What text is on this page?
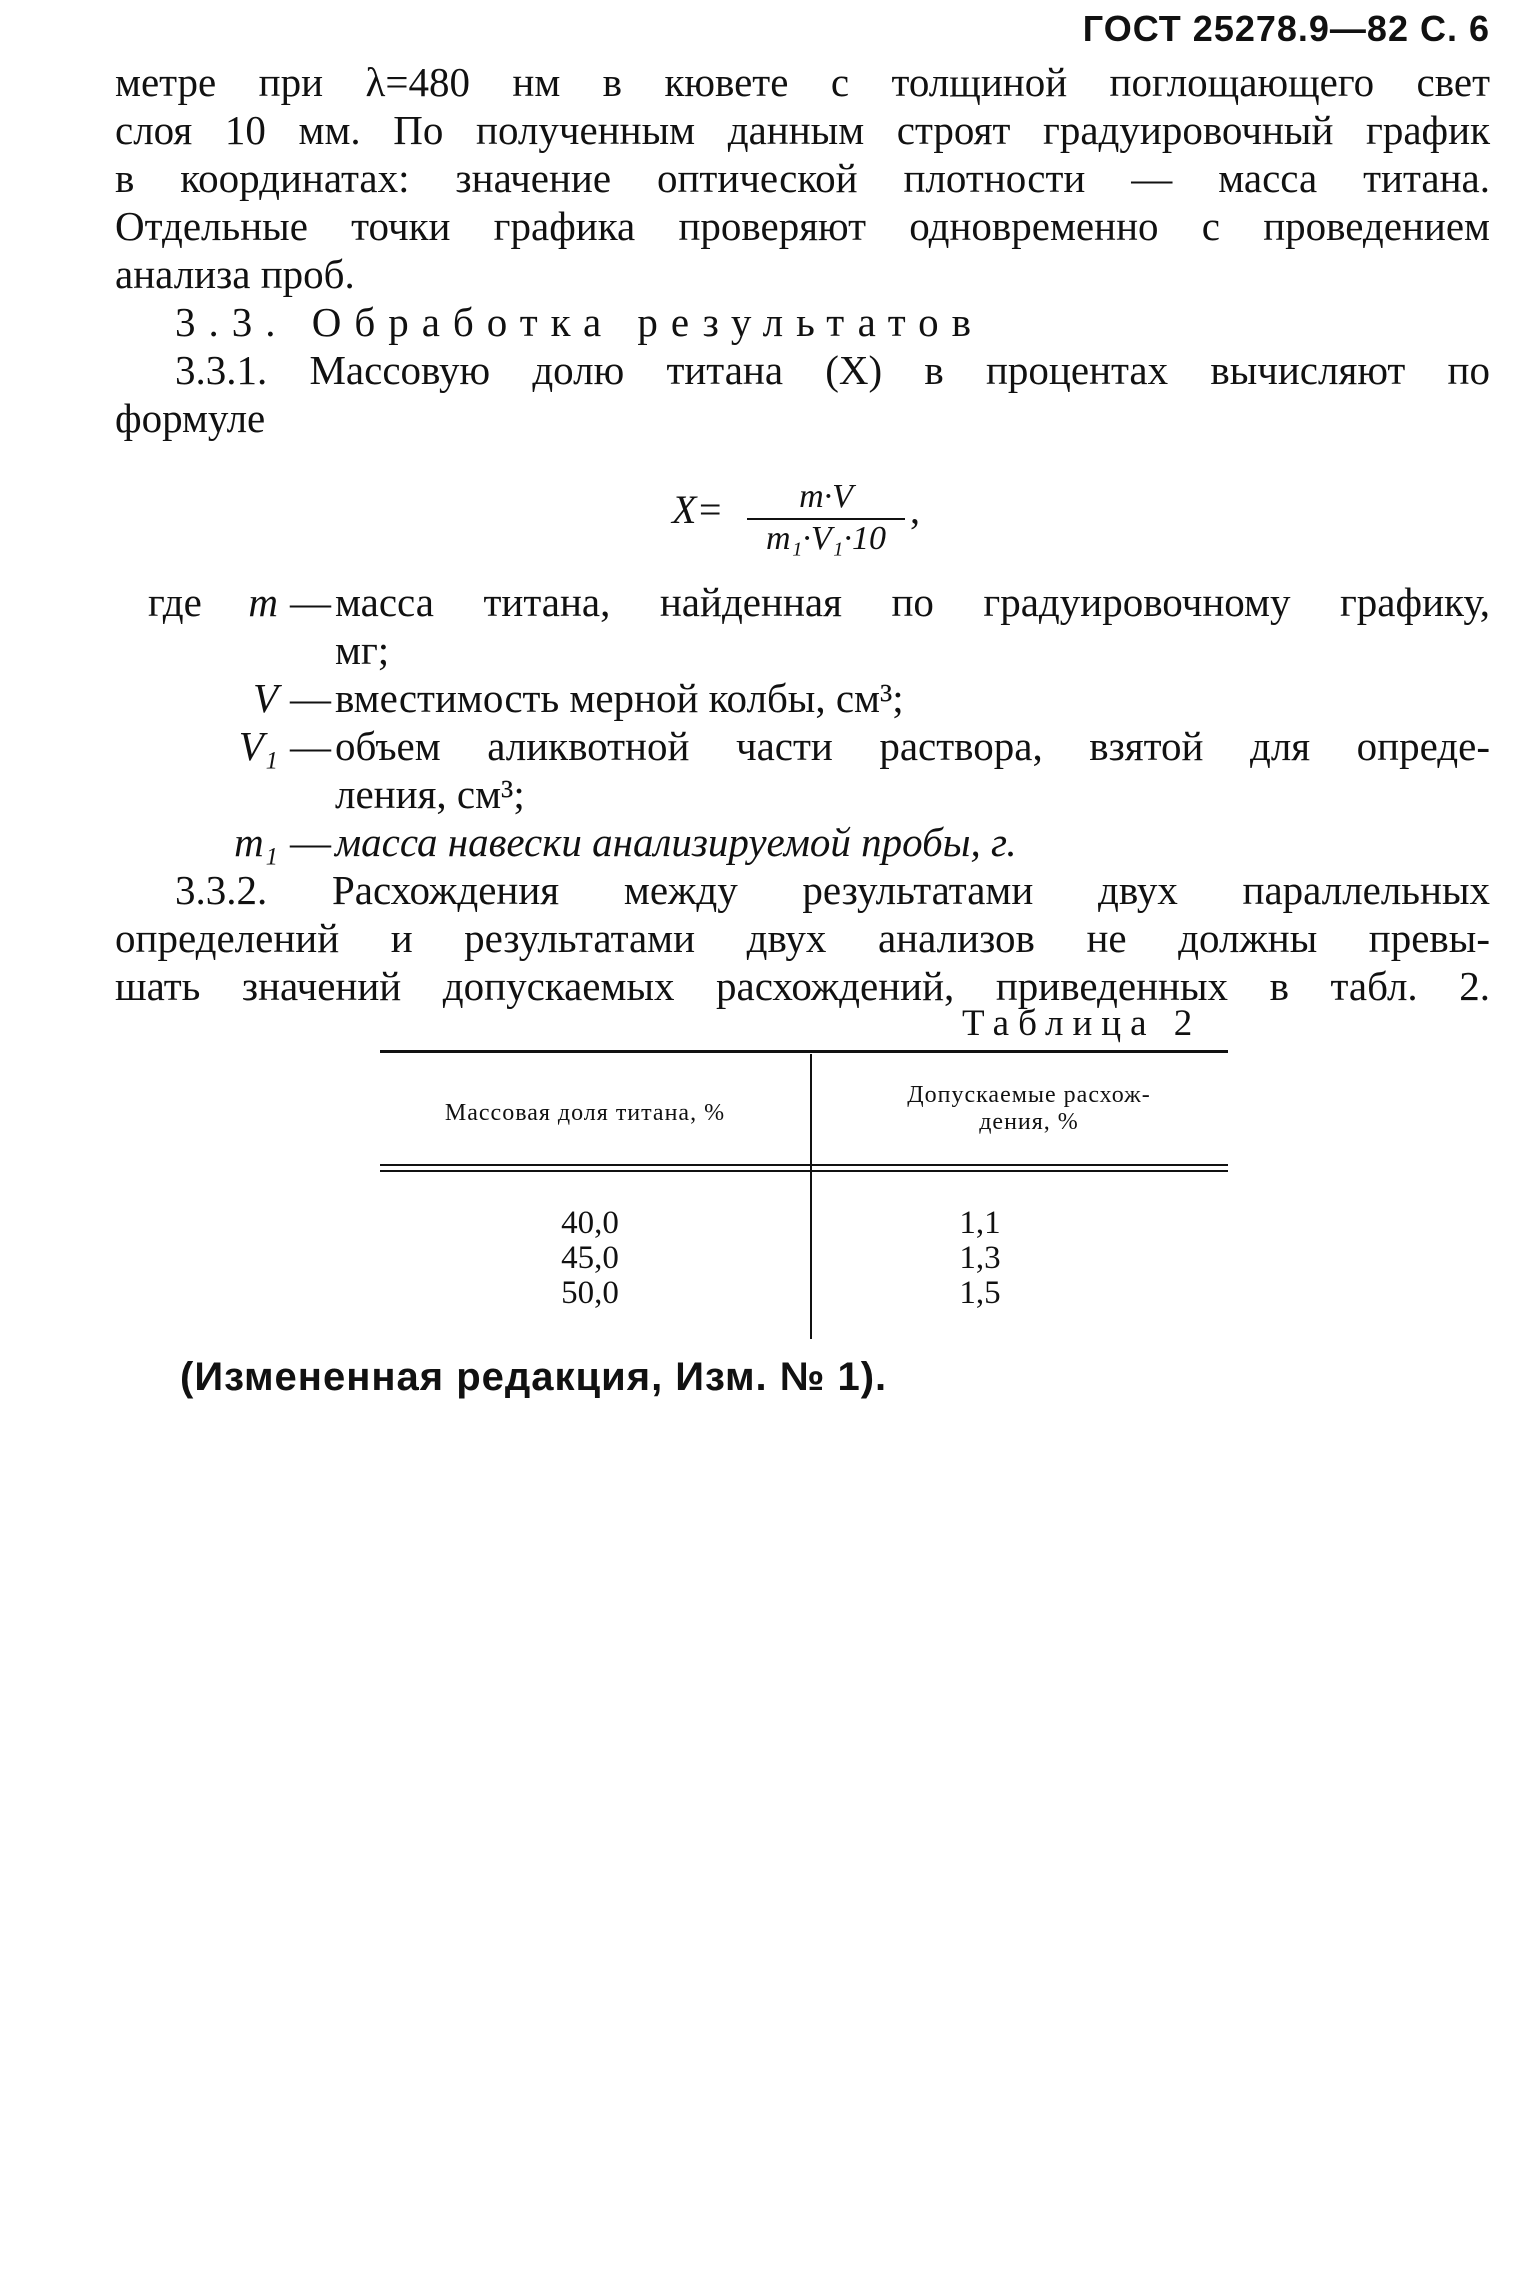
ГОСТ 25278.9—82 С. 6
метре при λ=480 нм в кювете с толщиной поглощающего свет
слоя 10 мм. По полученным данным строят градуировочный график
в координатах: значение оптической плотности — масса титана.
Отдельные точки графика проверяют одновременно с проведением
анализа проб.
3.3. Обработка результатов
3.3.1. Массовую долю титана (X) в процентах вычисляют по
формуле
X=	m·V
m₁·V₁·10
,
где	m — масса титана, найденная по градуировочному графику,
мг;
V — вместимость мерной колбы, см³;
V₁ — объем аликвотной части раствора, взятой для опреде-
ления, см³;
m₁ — масса навески анализируемой пробы, г.
3.3.2. Расхождения между результатами двух параллельных
определений и результатами двух анализов не должны превы-
шать значений допускаемых расхождений, приведенных в табл. 2.
Таблица 2
Массовая доля титана, %
Допускаемые расхож-
дения, %
40,0
45,0
50,0
1,1
1,3
1,5
(Измененная редакция, Изм. № 1).
